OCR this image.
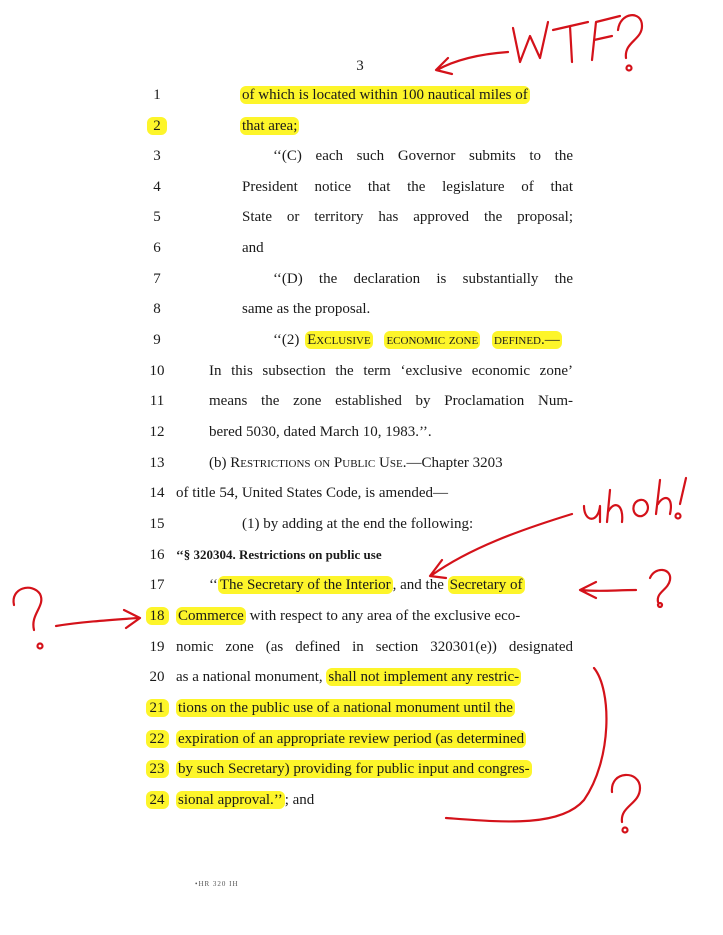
3
1
2
3
4
5
6
7
8
9
10
11
12
13
14
15
16
17
18
19
20
21
22
23
24
of which is located within 100 nautical miles of
that area;
‘‘(C) each such Governor submits to the
President notice that the legislature of that
State or territory has approved the proposal;
and
‘‘(D) the declaration is substantially the
same as the proposal.
‘‘(2) Exclusive economic zone defined.—
In this subsection the term ‘exclusive economic zone’
means the zone established by Proclamation Num-
bered 5030, dated March 10, 1983.’’.
(b) Restrictions on Public Use.—Chapter 3203
of title 54, United States Code, is amended—
(1) by adding at the end the following:
‘‘§ 320304. Restrictions on public use
‘‘ The Secretary of the Interior , and the Secretary of
Commerce with respect to any area of the exclusive eco-
nomic zone (as defined in section 320301(e)) designated
as a national monument, shall not implement any restric-
tions on the public use of a national monument until the
expiration of an appropriate review period (as determined
by such Secretary) providing for public input and congres-
sional approval.’’ ; and
•HR 320 IH
